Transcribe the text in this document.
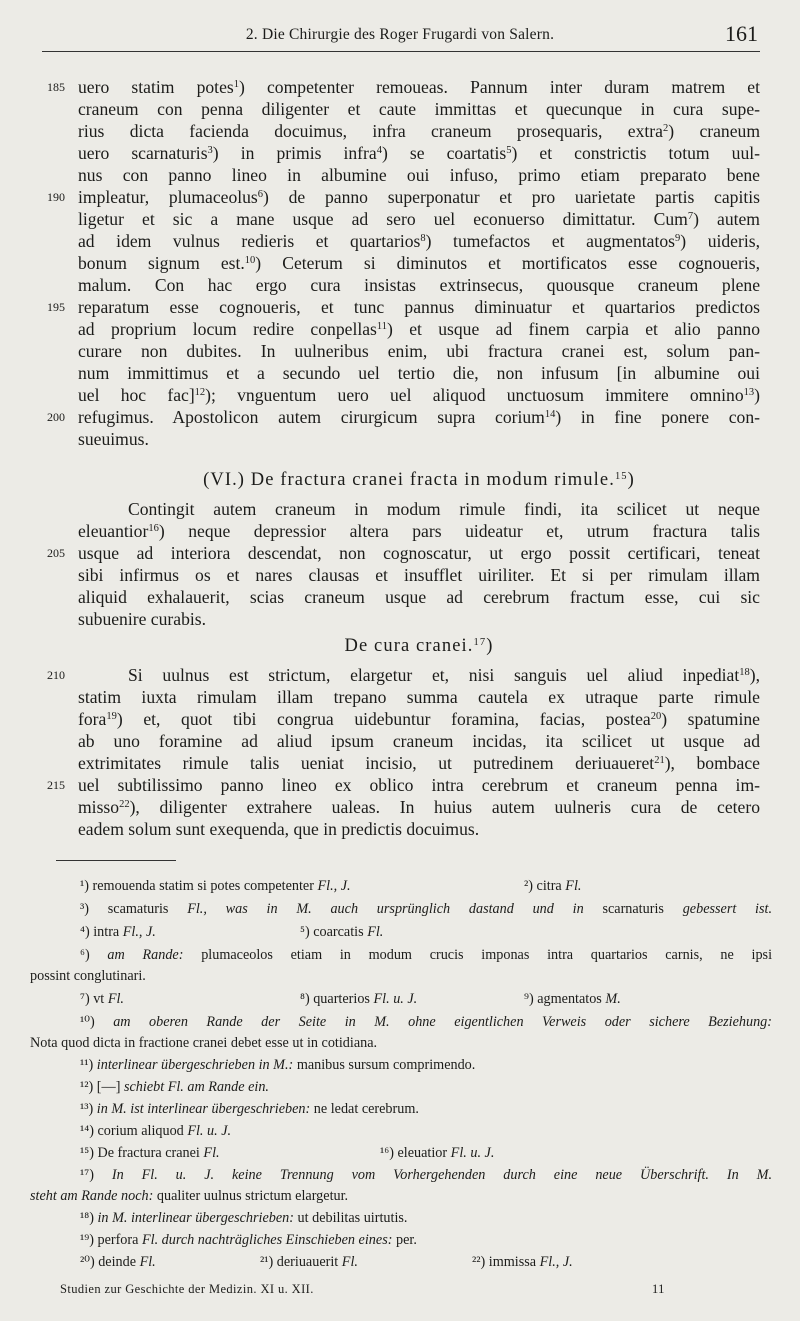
2. Die Chirurgie des Roger Frugardi von Salern.	161
185
190
195
200
205
210
215
uero statim potes$^1$) competenter remoueas. Pannum inter duram matrem et
craneum con penna diligenter et caute immittas et quecunque in cura supe-
rius dicta facienda docuimus, infra craneum prosequaris, extra$^2$) craneum
uero scarnaturis$^3$) in primis infra$^4$) se coartatis$^5$) et constrictis totum uul-
nus con panno lineo in albumine oui infuso, primo etiam preparato bene
impleatur, plumaceolus$^6$) de panno superponatur et pro uarietate partis capitis
ligetur et sic a mane usque ad sero uel econuerso dimittatur. Cum$^7$) autem
ad idem vulnus redieris et quartarios$^8$) tumefactos et augmentatos$^9$) uideris,
bonum signum est.$^{10}$) Ceterum si diminutos et mortificatos esse cognoueris,
malum. Con hac ergo cura insistas extrinsecus, quousque craneum plene
reparatum esse cognoueris, et tunc pannus diminuatur et quartarios predictos
ad proprium locum redire conpellas$^{11}$) et usque ad finem carpia et alio panno
curare non dubites. In uulneribus enim, ubi fractura cranei est, solum pan-
num immittimus et a secundo uel tertio die, non infusum [in albumine oui
uel hoc fac]$^{12}$); vnguentum uero uel aliquod unctuosum immitere omnino$^{13}$)
refugimus. Apostolicon autem cirurgicum supra corium$^{14}$) in fine ponere con-
sueuimus.
(VI.) De fractura cranei fracta in modum rimule.$^{15}$)
Contingit autem craneum in modum rimule findi, ita scilicet ut neque
eleuantior$^{16}$) neque depressior altera pars uideatur et, utrum fractura talis
usque ad interiora descendat, non cognoscatur, ut ergo possit certificari, teneat
sibi infirmus os et nares clausas et insufflet uiriliter. Et si per rimulam illam
aliquid exhalauerit, scias craneum usque ad cerebrum fractum esse, cui sic
subuenire curabis.
De cura cranei.$^{17}$)
Si uulnus est strictum, elargetur et, nisi sanguis uel aliud inpediat$^{18}$),
statim iuxta rimulam illam trepano summa cautela ex utraque parte rimule
fora$^{19}$) et, quot tibi congrua uidebuntur foramina, facias, postea$^{20}$) spatumine
ab uno foramine ad aliud ipsum craneum incidas, ita scilicet ut usque ad
extrimitates rimule talis ueniat incisio, ut putredinem deriuaueret$^{21}$), bombace
uel subtilissimo panno lineo ex oblico intra cerebrum et craneum penna im-
misso$^{22}$), diligenter extrahere ualeas. In huius autem uulneris cura de cetero
eadem solum sunt exequenda, que in predictis docuimus.
¹) remouenda statim si potes competenter Fl., J.	²) citra Fl.
³) scamaturis Fl., was in M. auch ursprünglich dastand und in scarnaturis gebessert ist.
⁴) intra Fl., J.	⁵) coarcatis Fl.
⁶) am Rande: plumaceolos etiam in modum crucis imponas intra quartarios carnis, ne ipsi
possint conglutinari.
⁷) vt Fl.	⁸) quarterios Fl. u. J.	⁹) agmentatos M.
¹⁰) am oberen Rande der Seite in M. ohne eigentlichen Verweis oder sichere Beziehung:
Nota quod dicta in fractione cranei debet esse ut in cotidiana.
¹¹) interlinear übergeschrieben in M.: manibus sursum comprimendo.
¹²) [—] schiebt Fl. am Rande ein.
¹³) in M. ist interlinear übergeschrieben: ne ledat cerebrum.
¹⁴) corium aliquod Fl. u. J.
¹⁵) De fractura cranei Fl.	¹⁶) eleuatior Fl. u. J.
¹⁷) In Fl. u. J. keine Trennung vom Vorhergehenden durch eine neue Überschrift. In M.
steht am Rande noch: qualiter uulnus strictum elargetur.
¹⁸) in M. interlinear übergeschrieben: ut debilitas uirtutis.
¹⁹) perfora Fl. durch nachträgliches Einschieben eines: per.
²⁰) deinde Fl.	²¹) deriuauerit Fl.	²²) immissa Fl., J.
Studien zur Geschichte der Medizin. XI u. XII.	11
